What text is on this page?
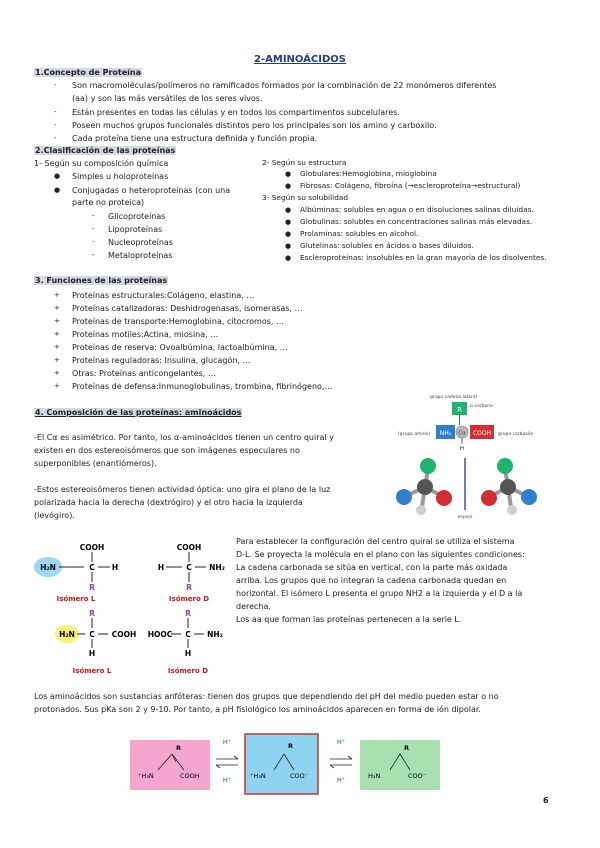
2-AMINOÁCIDOS
1.Concepto de Proteína
- Son macromoléculas/polímeros no ramificados formados por la combinación de 22 monómeros diferentes
(aa) y son las más versátiles de los seres vivos.
- Están presentes en todas las células y en todos los compartimentos subcelulares.
- Poseen muchos grupos funcionales distintos pero los principales son los amino y carboxilo.
- Cada proteína tiene una estructura definida y función propia.
2.Clasificación de las proteínas
1- Según su composición química
● Simples u holoproteínas
● Conjugadas o heteroproteínas (con una
parte no proteica)
- Glicoproteínas
- Lipoproteínas
- Nucleoproteínas
- Metaloproteínas
2- Según su estructura
● Globulares:Hemoglobina, mioglobina
● Fibrosas: Colágeno, fibroína (→escleroproteína→estructural)
3- Según su solubilidad
● Albúminas: solubles en agua o en disoluciones salinas diluidas.
● Globulinas: solubles en concentraciones salinas más elevadas.
● Prolaminas: solubles en alcohol.
● Glutelinas: solubles en ácidos o bases diluidos.
● Escleroproteínas: insolubles en la gran mayoría de los disolventes.
3. Funciones de las proteínas
+ Proteínas estructurales:Colágeno, elastina, …
+ Proteínas catalizadoras: Deshidrogenasas, isomerasas, …
+ Proteínas de transporte:Hemoglobina, citocromos, …
+ Proteínas motiles:Actina, miosina, …
+ Proteínas de reserva: Ovoalbúmina, lactoalbúmina, …
+ Proteínas reguladoras: Insulina, glucagón, …
+ Otras: Proteínas anticongelantes, …
+ Proteínas de defensa:Inmunoglobulinas, trombina, fibrinógeno,…
4. Composición de las proteínas: aminoácidos
-El Cα es asimétrico. Por tanto, los α-aminoácidos tienen un centro quiral y
existen en dos estereoisómeros que son imágenes especulares no
superponibles (enantiómeros).
-Estos estereoisómeros tienen actividad óptica: uno gira el plano de la luz
polarizada hacia la derecha (dextrógiro) y el otro hacia la izquierda
(levógiro).
grupo cadena lateral
R α-carbono
NH₂ Cα COOH
H
(grupo amino)	grupo carboxilo
espejo
COOH
H₂N	C H
R
Isómero L
COOH
H	C NH₂
R
Isómero D
R
H₂N C COOH
H
Isómero L
R
HOOC C NH₂
H
Isómero D
Para establecer la configuración del centro quiral se utiliza el sistema
D-L. Se proyecta la molécula en el plano con las siguientes condiciones:
La cadena carbonada se sitúa en vertical, con la parte más oxidada
arriba. Los grupos que no integran la cadena carbonada quedan en
horizontal. El isómero L presenta el grupo NH2 a la izquierda y el D a la
derecha.
Los aa que forman las proteínas pertenecen a la serie L.
Los aminoácidos son sustancias anfóteras: tienen dos grupos que dependiendo del pH del medio pueden estar o no
protonados. Sus pKa son 2 y 9-10. Por tanto, a pH fisiológico los aminoácidos aparecen en forma de ión dipolar.
R
⁺H₃N	COOH
H⁺
H⁺
R
⁺H₃N	COO⁻
H⁺
H⁺
R
H₂N	COO⁻
6
